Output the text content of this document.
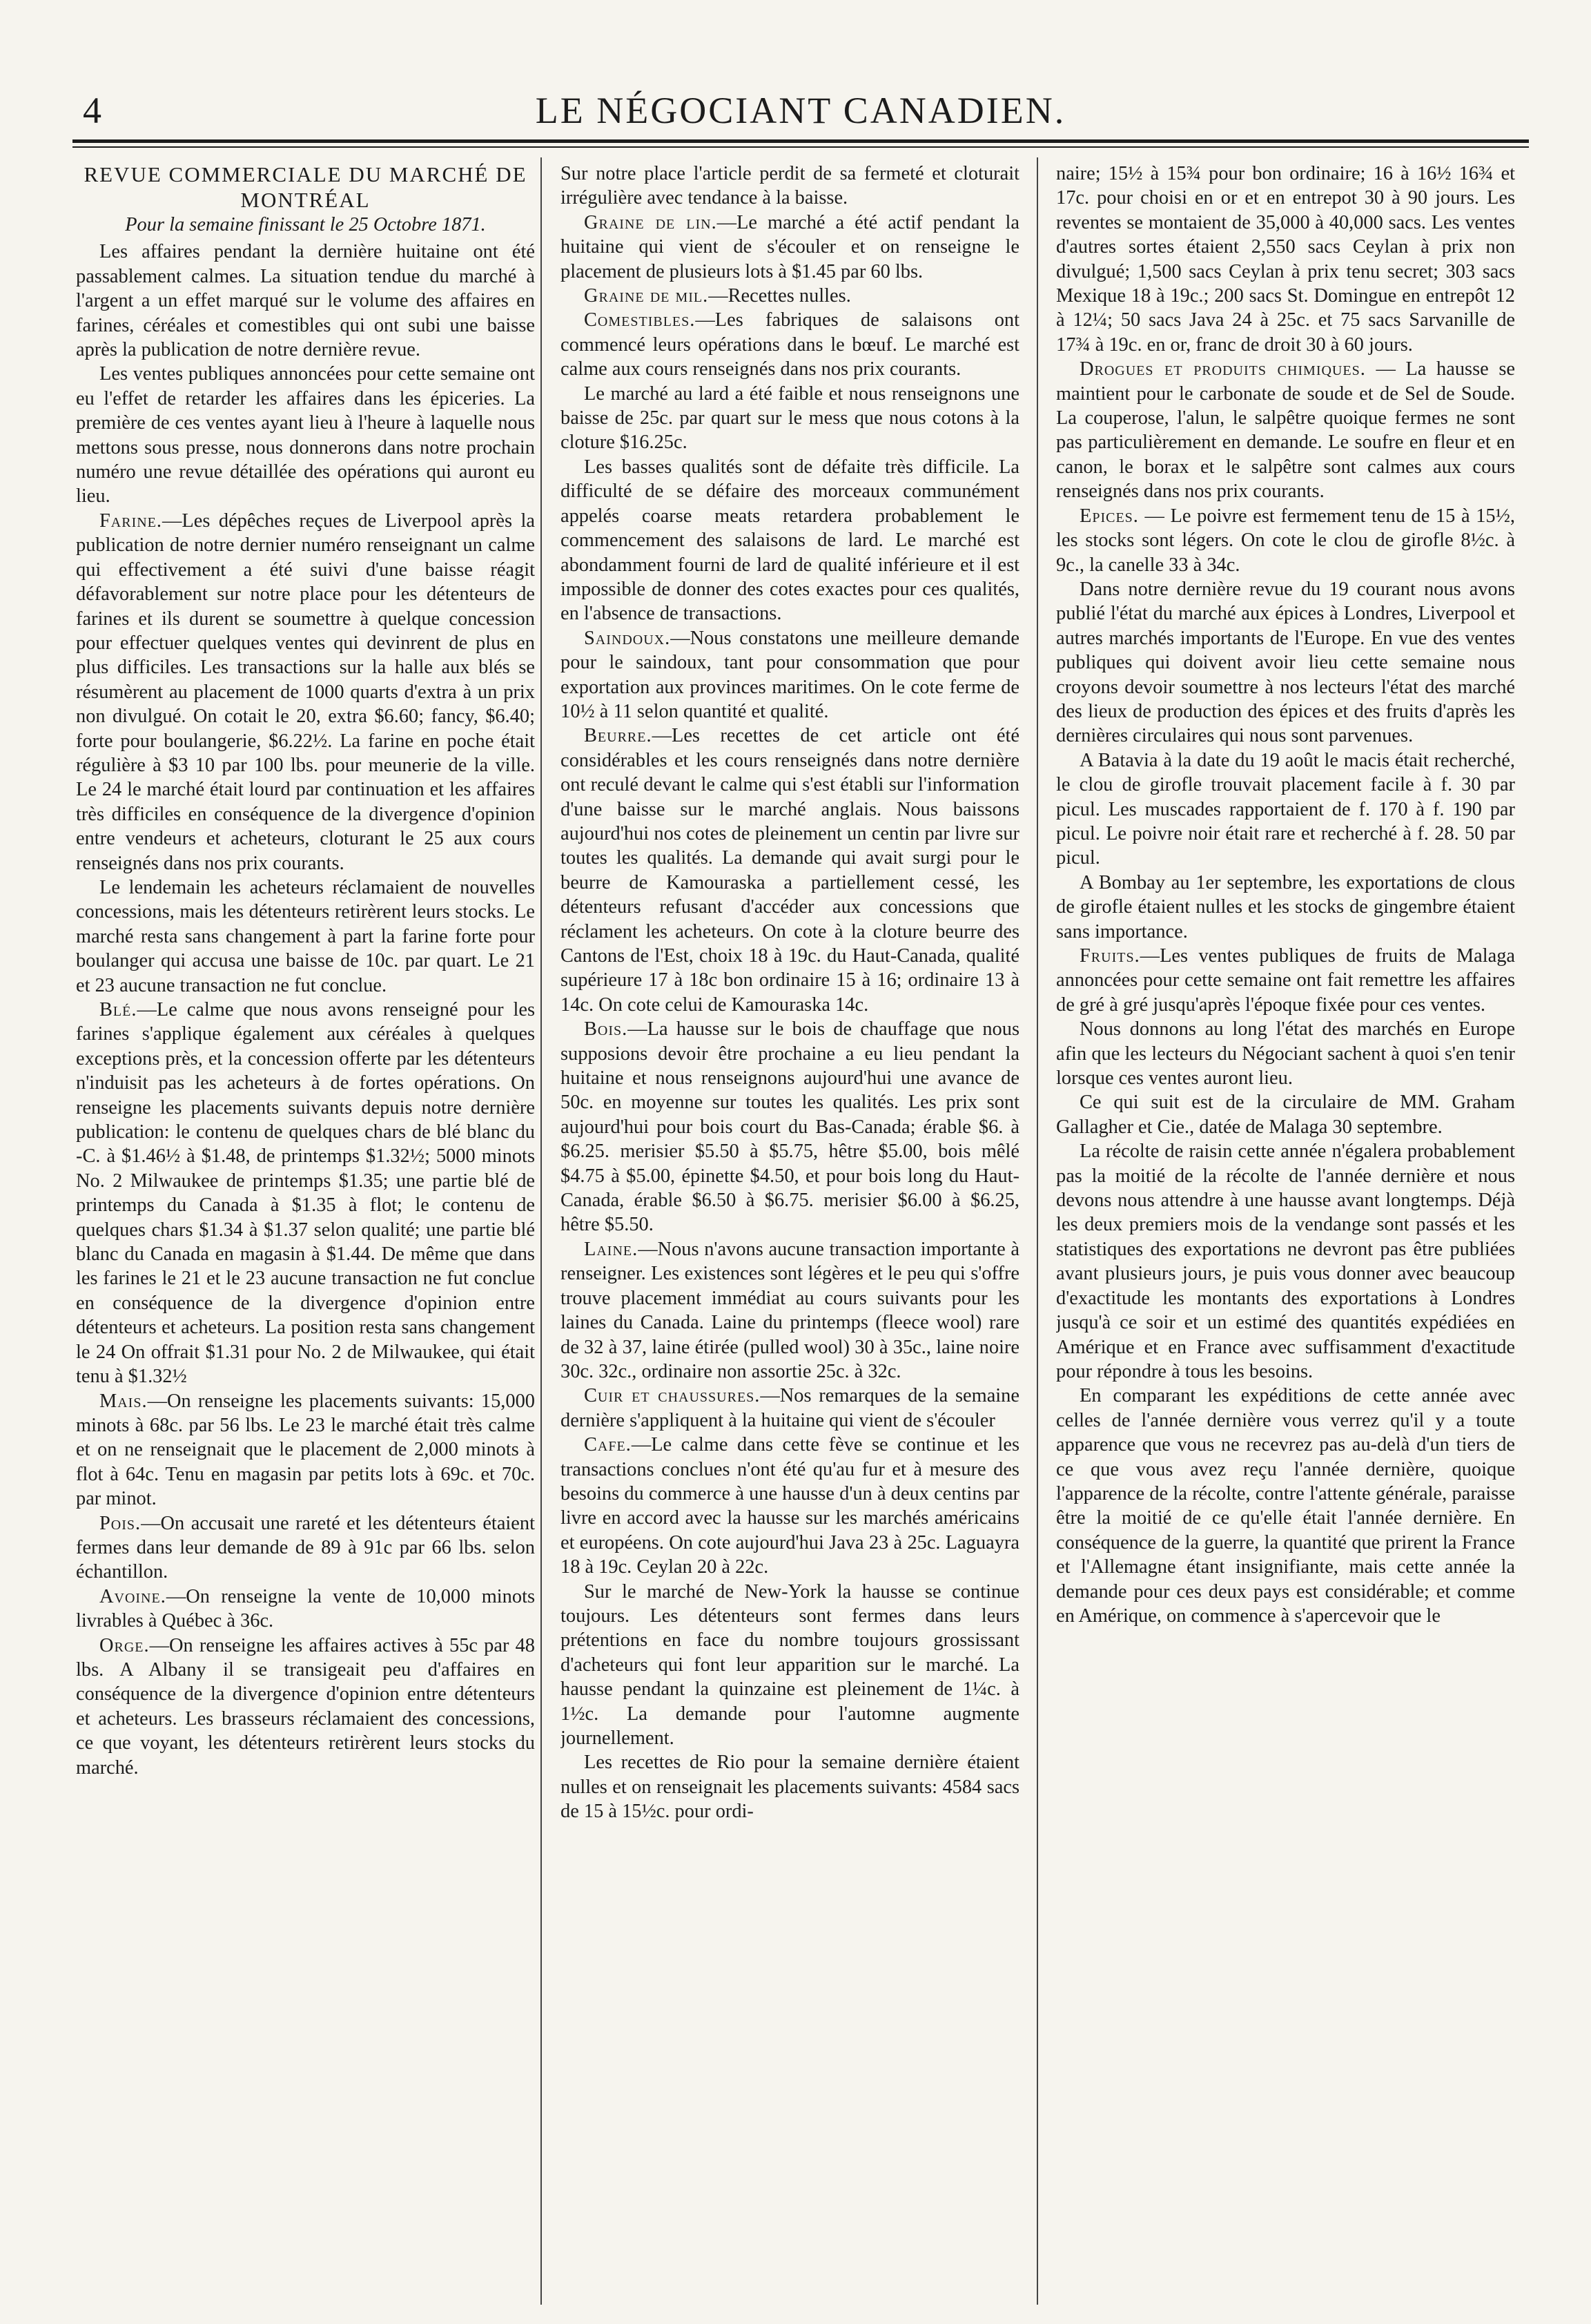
4	LE NÉGOCIANT CANADIEN.

REVUE COMMERCIALE DU MARCHÉ DE MONTRÉAL

Pour la semaine finissant le 25 Octobre 1871.

Les affaires pendant la dernière huitaine ont été passablement calmes. La situation tendue du marché à l'argent a un effet marqué sur le volume des affaires en farines, céréales et comestibles qui ont subi une baisse après la publication de notre dernière revue.

Les ventes publiques annoncées pour cette semaine ont eu l'effet de retarder les affaires dans les épiceries. La première de ces ventes ayant lieu à l'heure à laquelle nous mettons sous presse, nous donnerons dans notre prochain numéro une revue détaillée des opérations qui auront eu lieu.

Farine.—Les dépêches reçues de Liverpool après la publication de notre dernier numéro renseignant un calme qui effectivement a été suivi d'une baisse réagit défavorablement sur notre place pour les détenteurs de farines et ils durent se soumettre à quelque concession pour effectuer quelques ventes qui devinrent de plus en plus difficiles. Les transactions sur la halle aux blés se résumèrent au placement de 1000 quarts d'extra à un prix non divulgué. On cotait le 20, extra $6.60; fancy, $6.40; forte pour boulangerie, $6.22½. La farine en poche était régulière à $3 10 par 100 lbs. pour meunerie de la ville. Le 24 le marché était lourd par continuation et les affaires très difficiles en conséquence de la divergence d'opinion entre vendeurs et acheteurs, cloturant le 25 aux cours renseignés dans nos prix courants.

Le lendemain les acheteurs réclamaient de nouvelles concessions, mais les détenteurs retirèrent leurs stocks. Le marché resta sans changement à part la farine forte pour boulanger qui accusa une baisse de 10c. par quart. Le 21 et 23 aucune transaction ne fut conclue.

Blé.—Le calme que nous avons renseigné pour les farines s'applique également aux céréales à quelques exceptions près, et la concession offerte par les détenteurs n'induisit pas les acheteurs à de fortes opérations. On renseigne les placements suivants depuis notre dernière publication: le contenu de quelques chars de blé blanc du -C. à $1.46½ à $1.48, de printemps $1.32½; 5000 minots No. 2 Milwaukee de printemps $1.35; une partie blé de printemps du Canada à $1.35 à flot; le contenu de quelques chars $1.34 à $1.37 selon qualité; une partie blé blanc du Canada en magasin à $1.44. De même que dans les farines le 21 et le 23 aucune transaction ne fut conclue en conséquence de la divergence d'opinion entre détenteurs et acheteurs. La position resta sans changement le 24 On offrait $1.31 pour No. 2 de Milwaukee, qui était tenu à $1.32½

Mais.—On renseigne les placements suivants: 15,000 minots à 68c. par 56 lbs. Le 23 le marché était très calme et on ne renseignait que le placement de 2,000 minots à flot à 64c. Tenu en magasin par petits lots à 69c. et 70c. par minot.

Pois.—On accusait une rareté et les détenteurs étaient fermes dans leur demande de 89 à 91c par 66 lbs. selon échantillon.

Avoine.—On renseigne la vente de 10,000 minots livrables à Québec à 36c.

Orge.—On renseigne les affaires actives à 55c par 48 lbs. A Albany il se transigeait peu d'affaires en conséquence de la divergence d'opinion entre détenteurs et acheteurs. Les brasseurs réclamaient des concessions, ce que voyant, les détenteurs retirèrent leurs stocks du marché.

Sur notre place l'article perdit de sa fermeté et cloturait irrégulière avec tendance à la baisse.

Graine de lin.—Le marché a été actif pendant la huitaine qui vient de s'écouler et on renseigne le placement de plusieurs lots à $1.45 par 60 lbs.

Graine de mil.—Recettes nulles.

Comestibles.—Les fabriques de salaisons ont commencé leurs opérations dans le bœuf. Le marché est calme aux cours renseignés dans nos prix courants.

Le marché au lard a été faible et nous renseignons une baisse de 25c. par quart sur le mess que nous cotons à la cloture $16.25c.

Les basses qualités sont de défaite très difficile. La difficulté de se défaire des morceaux communément appelés coarse meats retardera probablement le commencement des salaisons de lard. Le marché est abondamment fourni de lard de qualité inférieure et il est impossible de donner des cotes exactes pour ces qualités, en l'absence de transactions.

Saindoux.—Nous constatons une meilleure demande pour le saindoux, tant pour consommation que pour exportation aux provinces maritimes. On le cote ferme de 10½ à 11 selon quantité et qualité.

Beurre.—Les recettes de cet article ont été considérables et les cours renseignés dans notre dernière ont reculé devant le calme qui s'est établi sur l'information d'une baisse sur le marché anglais. Nous baissons aujourd'hui nos cotes de pleinement un centin par livre sur toutes les qualités. La demande qui avait surgi pour le beurre de Kamouraska a partiellement cessé, les détenteurs refusant d'accéder aux concessions que réclament les acheteurs. On cote à la cloture beurre des Cantons de l'Est, choix 18 à 19c. du Haut-Canada, qualité supérieure 17 à 18c bon ordinaire 15 à 16; ordinaire 13 à 14c. On cote celui de Kamouraska 14c.

Bois.—La hausse sur le bois de chauffage que nous supposions devoir être prochaine a eu lieu pendant la huitaine et nous renseignons aujourd'hui une avance de 50c. en moyenne sur toutes les qualités. Les prix sont aujourd'hui pour bois court du Bas-Canada; érable $6. à $6.25. merisier $5.50 à $5.75, hêtre $5.00, bois mêlé $4.75 à $5.00, épinette $4.50, et pour bois long du Haut-Canada, érable $6.50 à $6.75. merisier $6.00 à $6.25, hêtre $5.50.

Laine.—Nous n'avons aucune transaction importante à renseigner. Les existences sont légères et le peu qui s'offre trouve placement immédiat au cours suivants pour les laines du Canada. Laine du printemps (fleece wool) rare de 32 à 37, laine étirée (pulled wool) 30 à 35c., laine noire 30c. 32c., ordinaire non assortie 25c. à 32c.

Cuir et chaussures.—Nos remarques de la semaine dernière s'appliquent à la huitaine qui vient de s'écouler

Cafe.—Le calme dans cette fève se continue et les transactions conclues n'ont été qu'au fur et à mesure des besoins du commerce à une hausse d'un à deux centins par livre en accord avec la hausse sur les marchés américains et européens. On cote aujourd'hui Java 23 à 25c. Laguayra 18 à 19c. Ceylan 20 à 22c.

Sur le marché de New-York la hausse se continue toujours. Les détenteurs sont fermes dans leurs prétentions en face du nombre toujours grossissant d'acheteurs qui font leur apparition sur le marché. La hausse pendant la quinzaine est pleinement de 1¼c. à 1½c. La demande pour l'automne augmente journellement.

Les recettes de Rio pour la semaine dernière étaient nulles et on renseignait les placements suivants: 4584 sacs de 15 à 15½c. pour ordi-

naire; 15½ à 15¾ pour bon ordinaire; 16 à 16½ 16¾ et 17c. pour choisi en or et en entrepot 30 à 90 jours. Les reventes se montaient de 35,000 à 40,000 sacs. Les ventes d'autres sortes étaient 2,550 sacs Ceylan à prix non divulgué; 1,500 sacs Ceylan à prix tenu secret; 303 sacs Mexique 18 à 19c.; 200 sacs St. Domingue en entrepôt 12 à 12¼; 50 sacs Java 24 à 25c. et 75 sacs Sarvanille de 17¾ à 19c. en or, franc de droit 30 à 60 jours.

Drogues et produits chimiques. — La hausse se maintient pour le carbonate de soude et de Sel de Soude. La couperose, l'alun, le salpêtre quoique fermes ne sont pas particulièrement en demande. Le soufre en fleur et en canon, le borax et le salpêtre sont calmes aux cours renseignés dans nos prix courants.

Epices. — Le poivre est fermement tenu de 15 à 15½, les stocks sont légers. On cote le clou de girofle 8½c. à 9c., la canelle 33 à 34c.

Dans notre dernière revue du 19 courant nous avons publié l'état du marché aux épices à Londres, Liverpool et autres marchés importants de l'Europe. En vue des ventes publiques qui doivent avoir lieu cette semaine nous croyons devoir soumettre à nos lecteurs l'état des marché des lieux de production des épices et des fruits d'après les dernières circulaires qui nous sont parvenues.

A Batavia à la date du 19 août le macis était recherché, le clou de girofle trouvait placement facile à f. 30 par picul. Les muscades rapportaient de f. 170 à f. 190 par picul. Le poivre noir était rare et recherché à f. 28. 50 par picul.

A Bombay au 1er septembre, les exportations de clous de girofle étaient nulles et les stocks de gingembre étaient sans importance.

Fruits.—Les ventes publiques de fruits de Malaga annoncées pour cette semaine ont fait remettre les affaires de gré à gré jusqu'après l'époque fixée pour ces ventes.

Nous donnons au long l'état des marchés en Europe afin que les lecteurs du Négociant sachent à quoi s'en tenir lorsque ces ventes auront lieu.

Ce qui suit est de la circulaire de MM. Graham Gallagher et Cie., datée de Malaga 30 septembre.

La récolte de raisin cette année n'égalera probablement pas la moitié de la récolte de l'année dernière et nous devons nous attendre à une hausse avant longtemps. Déjà les deux premiers mois de la vendange sont passés et les statistiques des exportations ne devront pas être publiées avant plusieurs jours, je puis vous donner avec beaucoup d'exactitude les montants des exportations à Londres jusqu'à ce soir et un estimé des quantités expédiées en Amérique et en France avec suffisamment d'exactitude pour répondre à tous les besoins.

En comparant les expéditions de cette année avec celles de l'année dernière vous verrez qu'il y a toute apparence que vous ne recevrez pas au-delà d'un tiers de ce que vous avez reçu l'année dernière, quoique l'apparence de la récolte, contre l'attente générale, paraisse être la moitié de ce qu'elle était l'année dernière. En conséquence de la guerre, la quantité que prirent la France et l'Allemagne étant insignifiante, mais cette année la demande pour ces deux pays est considérable; et comme en Amérique, on commence à s'apercevoir que le
